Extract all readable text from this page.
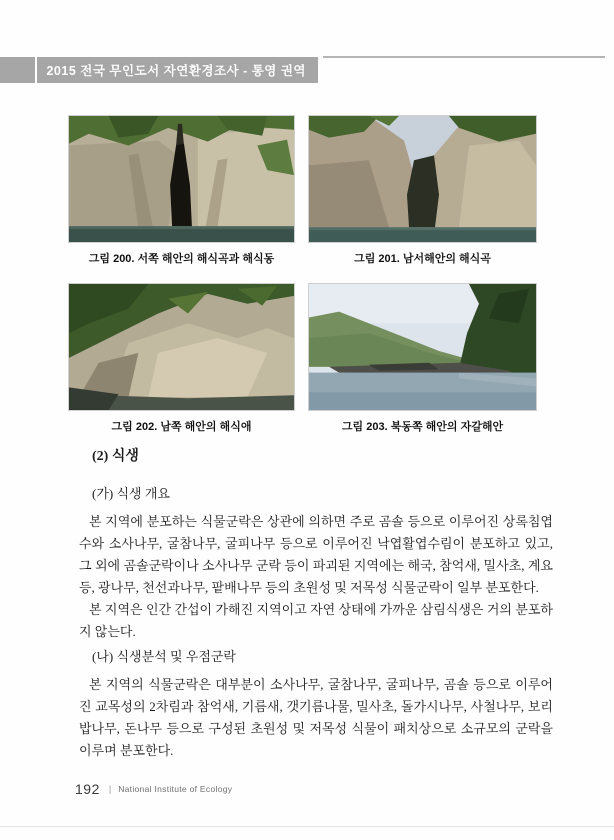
2015 전국 무인도서 자연환경조사 - 통영 권역
그림 200. 서쪽 해안의 해식곡과 해식동	그림 201. 남서해안의 해식곡
그림 202. 남쪽 해안의 해식애	그림 203. 북동쪽 해안의 자갈해안
(2) 식생
(가) 식생 개요

본 지역에 분포하는 식물군락은 상관에 의하면 주로 곰솔 등으로 이루어진 상록침엽수와 소사나무, 굴참나무, 굴피나무 등으로 이루어진 낙엽활엽수림이 분포하고 있고, 그 외에 곰솔군락이나 소사나무 군락 등이 파괴된 지역에는 해국, 참억새, 밀사초, 계요등, 광나무, 천선과나무, 팥배나무 등의 초원성 및 저목성 식물군락이 일부 분포한다.

본 지역은 인간 간섭이 가해진 지역이고 자연 상태에 가까운 삼림식생은 거의 분포하지 않는다.

(나) 식생분석 및 우점군락

본 지역의 식물군락은 대부분이 소사나무, 굴참나무, 굴피나무, 곰솔 등으로 이루어진 교목성의 2차림과 참억새, 기름새, 갯기름나물, 밀사초, 돌가시나무, 사철나무, 보리밥나무, 돈나무 등으로 구성된 초원성 및 저목성 식물이 패치상으로 소규모의 군락을 이루며 분포한다.

192 | National Institute of Ecology
